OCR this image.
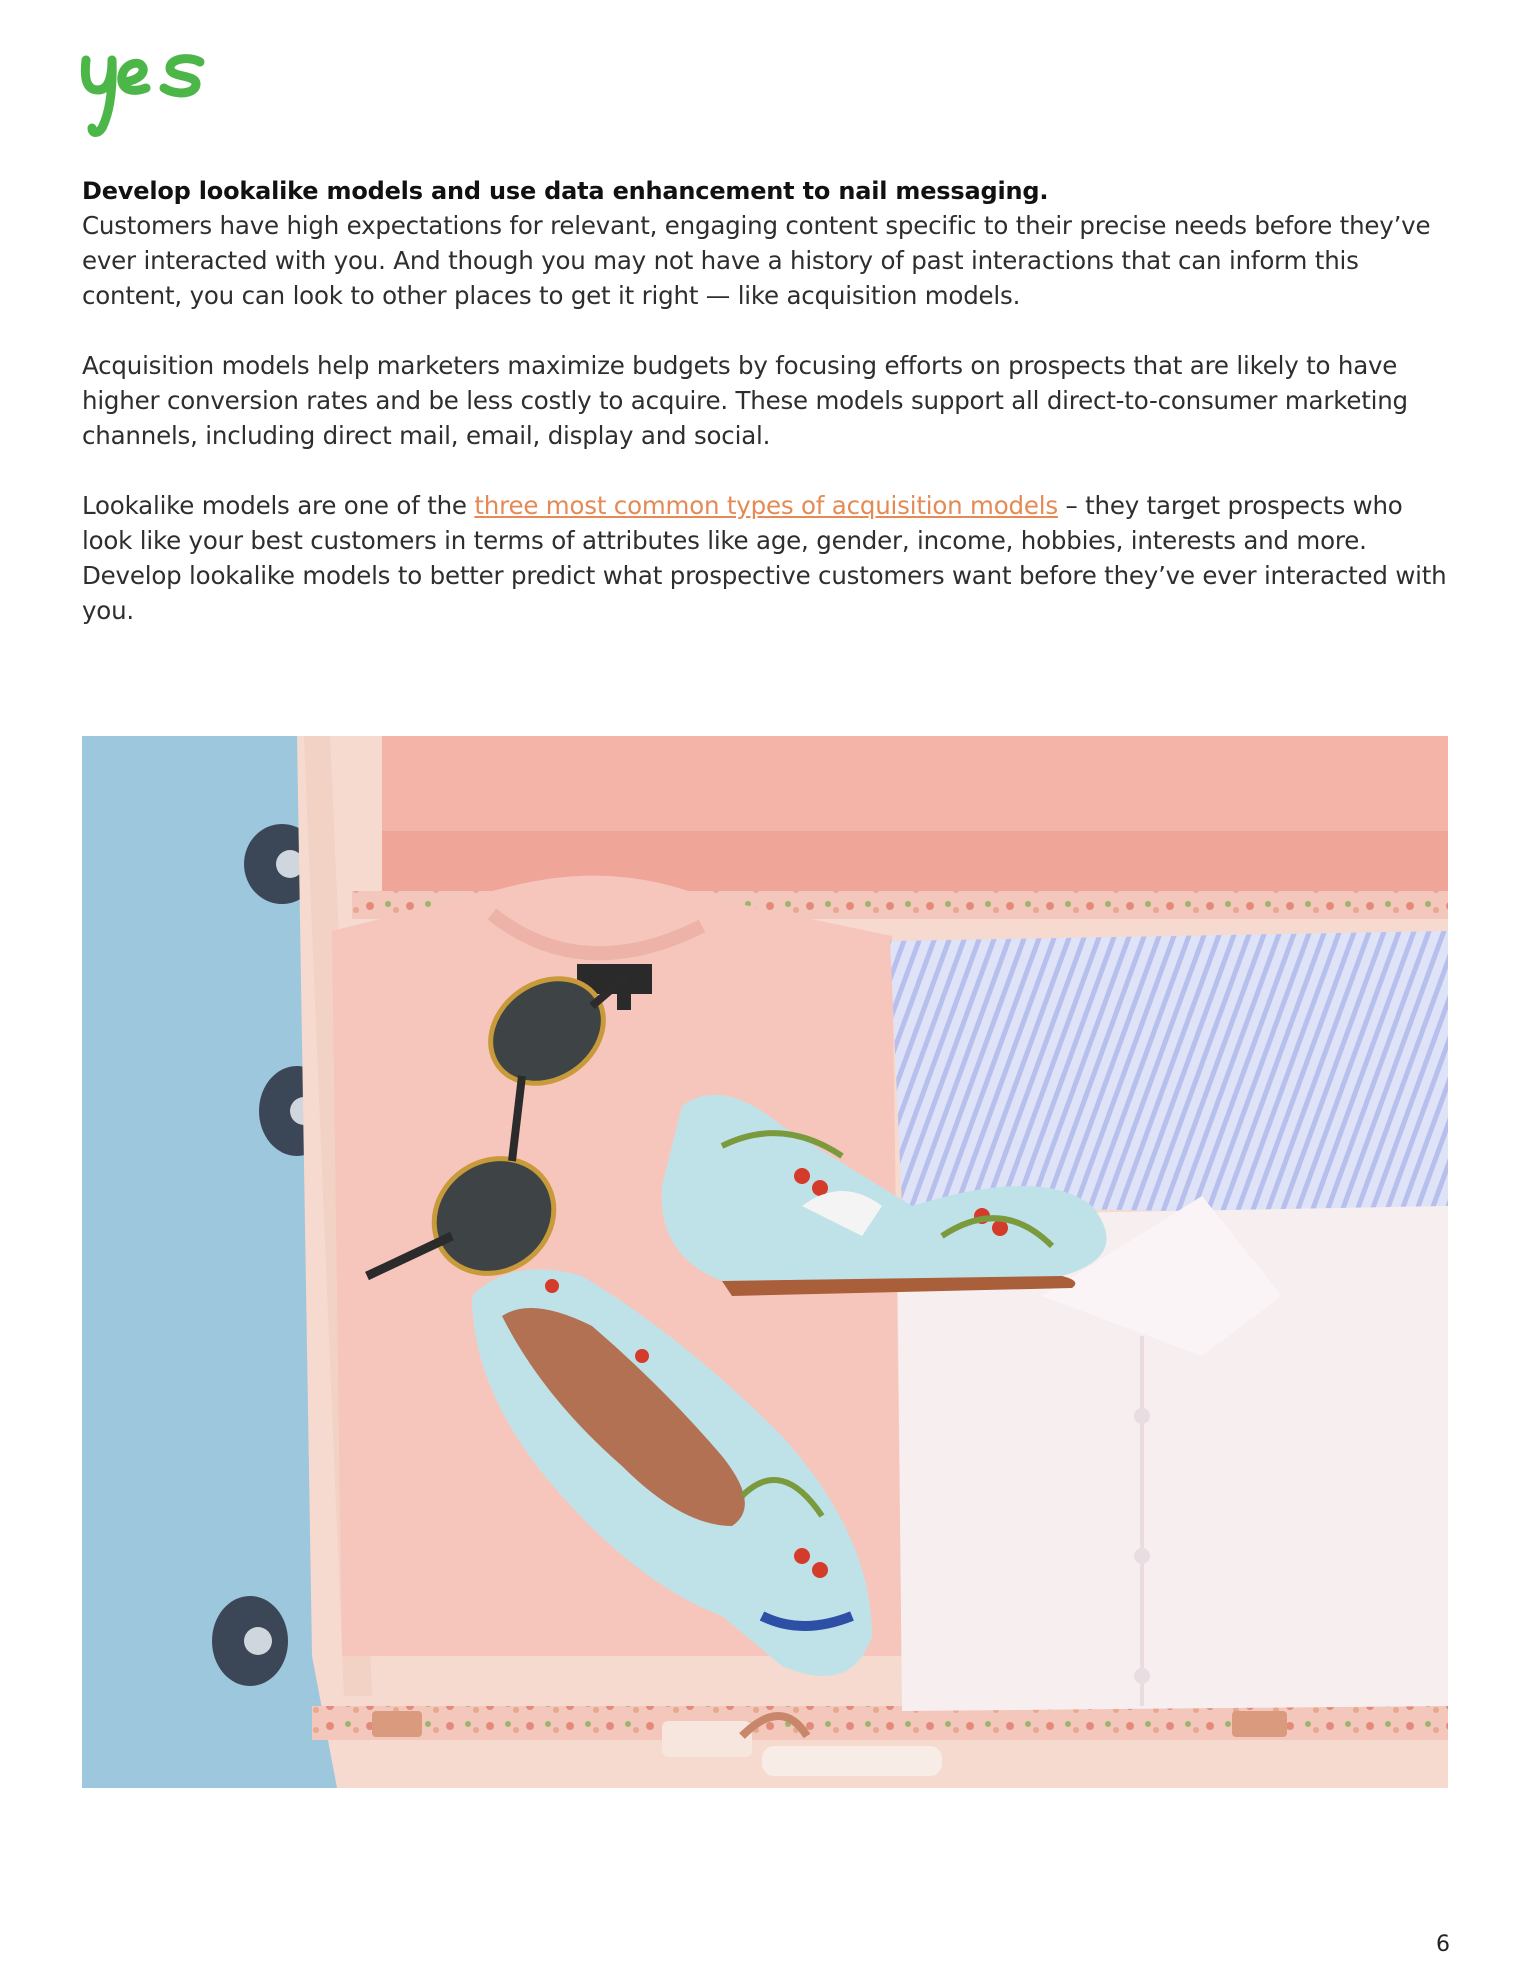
Develop lookalike models and use data enhancement to nail messaging.

Customers have high expectations for relevant, engaging content specific to their precise needs before they’ve ever interacted with you. And though you may not have a history of past interactions that can inform this content, you can look to other places to get it right — like acquisition models.

Acquisition models help marketers maximize budgets by focusing efforts on prospects that are likely to have higher conversion rates and be less costly to acquire. These models support all direct-to-consumer marketing channels, including direct mail, email, display and social.

Lookalike models are one of the three most common types of acquisition models – they target prospects who look like your best customers in terms of attributes like age, gender, income, hobbies, interests and more. Develop lookalike models to better predict what prospective customers want before they’ve ever interacted with you.

6
